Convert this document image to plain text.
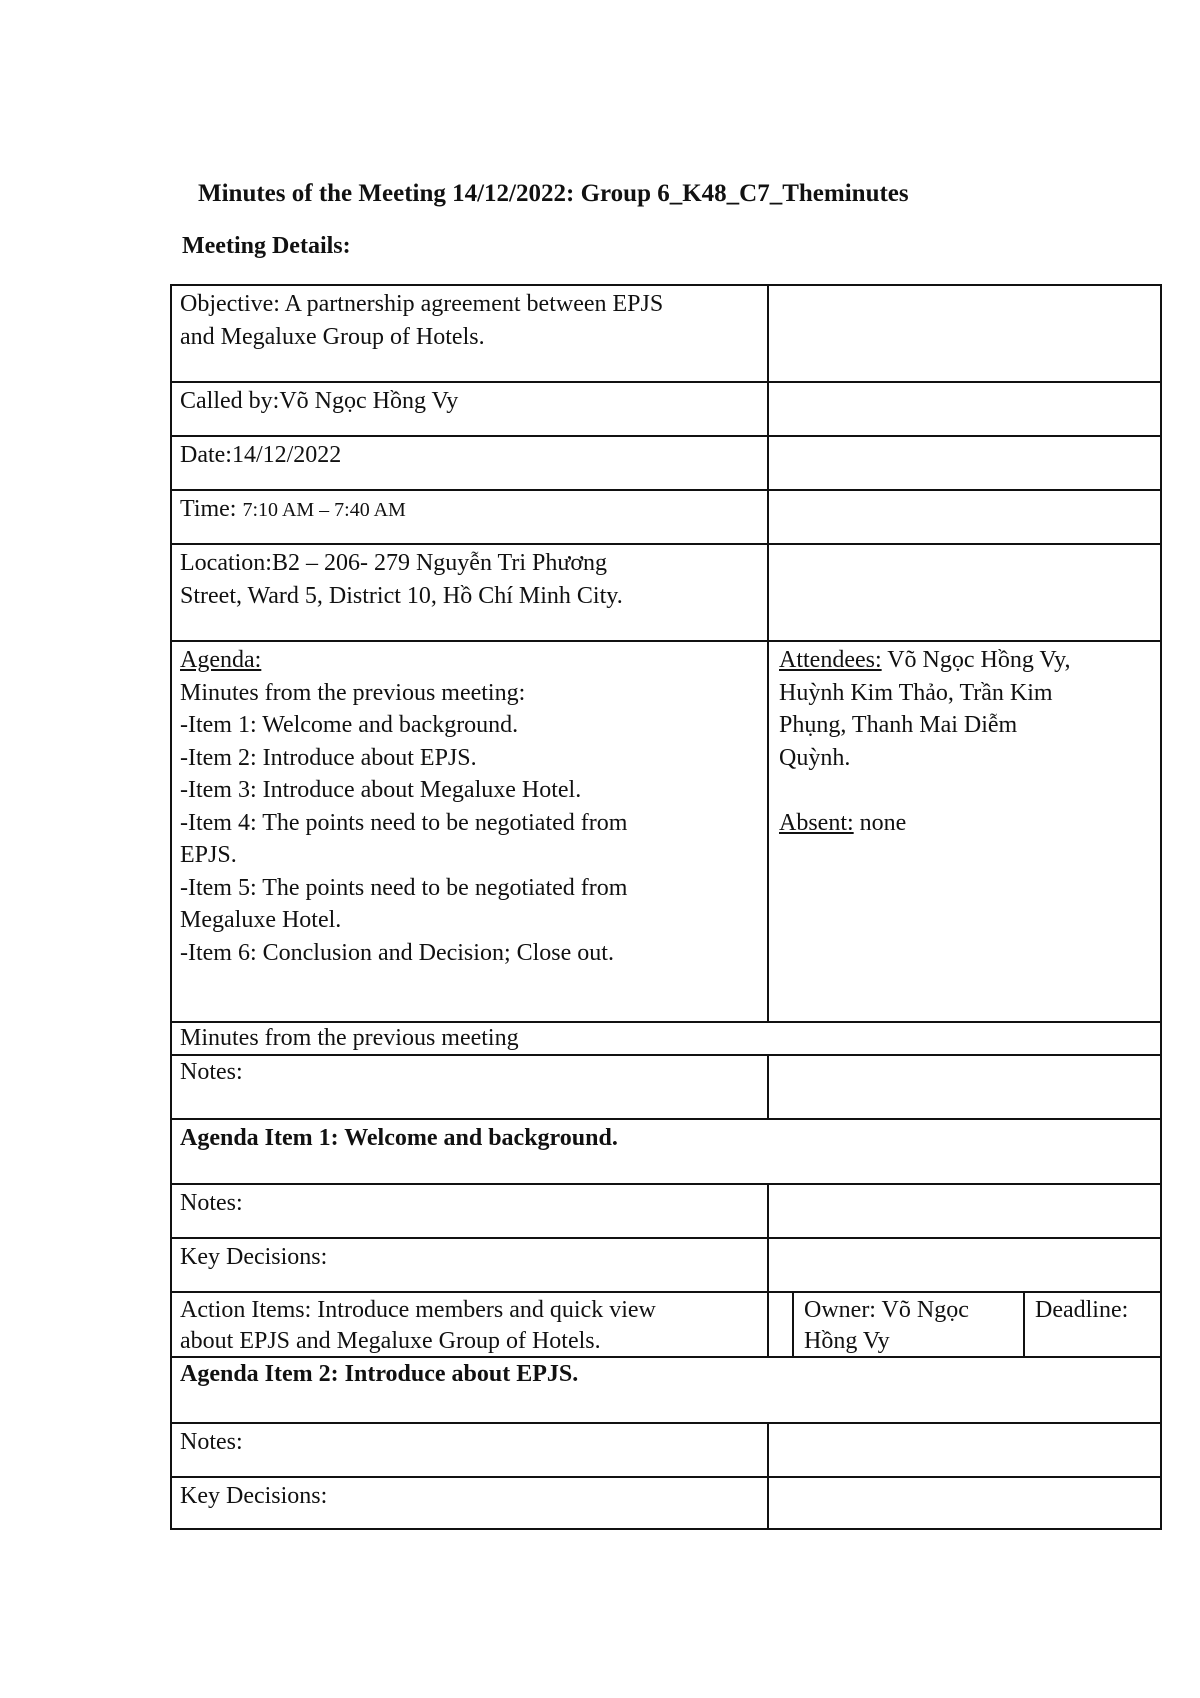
Minutes of the Meeting 14/12/2022: Group 6_K48_C7_Theminutes
Meeting Details:
Objective: A partnership agreement between EPJS
and Megaluxe Group of Hotels.
Called by:Võ Ngọc Hồng Vy
Date:14/12/2022
Time: 7:10 AM – 7:40 AM
Location:B2 – 206- 279 Nguyễn Tri Phương
Street, Ward 5, District 10, Hồ Chí Minh City.
Agenda:
Minutes from the previous meeting:
-Item 1: Welcome and background.
-Item 2: Introduce about EPJS.
-Item 3: Introduce about Megaluxe Hotel.
-Item 4: The points need to be negotiated from
EPJS.
-Item 5: The points need to be negotiated from
Megaluxe Hotel.
-Item 6: Conclusion and Decision; Close out.
Attendees: Võ Ngọc Hồng Vy,
Huỳnh Kim Thảo, Trần Kim
Phụng, Thanh Mai Diễm
Quỳnh.
Absent: none
Minutes from the previous meeting
Notes:
Agenda Item 1: Welcome and background.
Notes:
Key Decisions:
Action Items: Introduce members and quick view
about EPJS and Megaluxe Group of Hotels.
Owner: Võ Ngọc
Hồng Vy
Deadline:
Agenda Item 2: Introduce about EPJS.
Notes:
Key Decisions:
